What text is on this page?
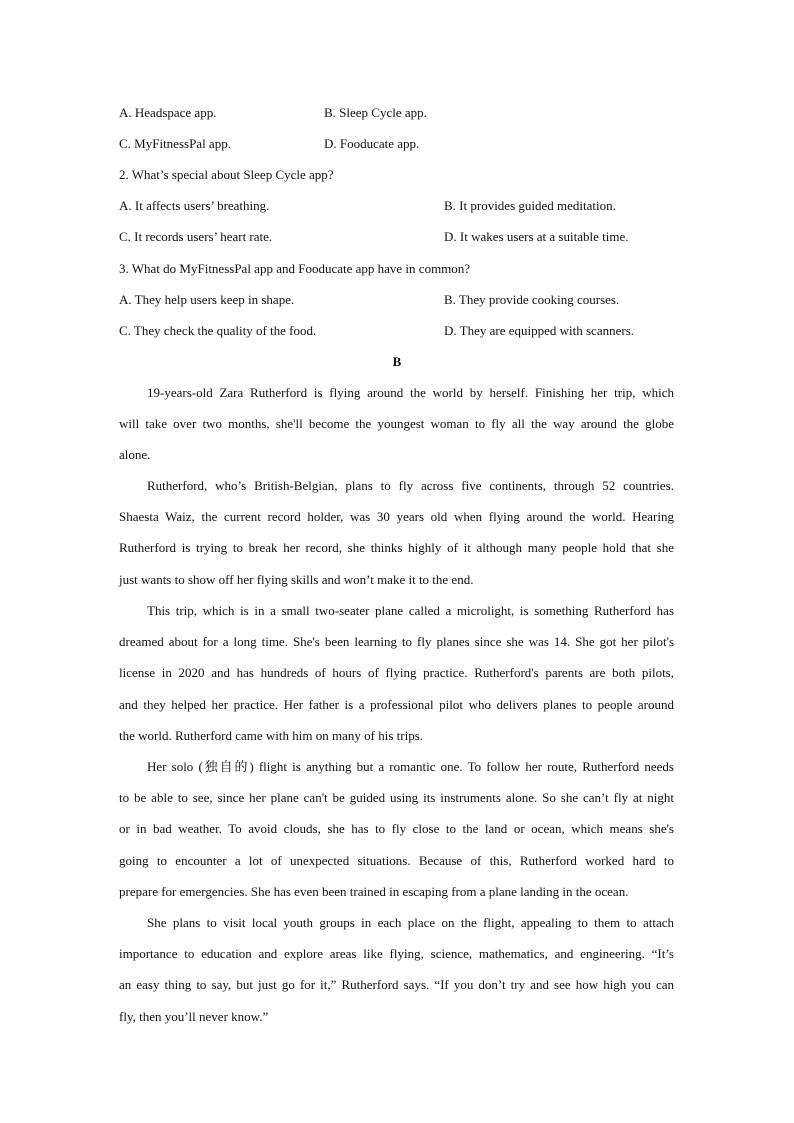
A. Headspace app.	B. Sleep Cycle app.
C. MyFitnessPal app.	D. Fooducate app.
2. What’s special about Sleep Cycle app?
A. It affects users’ breathing.	B. It provides guided meditation.
C. It records users’ heart rate.	D. It wakes users at a suitable time.
3. What do MyFitnessPal app and Fooducate app have in common?
A. They help users keep in shape.	B. They provide cooking courses.
C. They check the quality of the food.	D. They are equipped with scanners.
B
19-years-old Zara Rutherford is flying around the world by herself. Finishing her trip, which
will take over two months, she'll become the youngest woman to fly all the way around the globe
alone.
Rutherford, who’s British-Belgian, plans to fly across five continents, through 52 countries.
Shaesta Waiz, the current record holder, was 30 years old when flying around the world. Hearing
Rutherford is trying to break her record, she thinks highly of it although many people hold that she
just wants to show off her flying skills and won’t make it to the end.
This trip, which is in a small two-seater plane called a microlight, is something Rutherford has
dreamed about for a long time. She's been learning to fly planes since she was 14. She got her pilot's
license in 2020 and has hundreds of hours of flying practice. Rutherford's parents are both pilots,
and they helped her practice. Her father is a professional pilot who delivers planes to people around
the world. Rutherford came with him on many of his trips.
Her solo (独自的) flight is anything but a romantic one. To follow her route, Rutherford needs
to be able to see, since her plane can't be guided using its instruments alone. So she can’t fly at night
or in bad weather. To avoid clouds, she has to fly close to the land or ocean, which means she's
going to encounter a lot of unexpected situations. Because of this, Rutherford worked hard to
prepare for emergencies. She has even been trained in escaping from a plane landing in the ocean.
She plans to visit local youth groups in each place on the flight, appealing to them to attach
importance to education and explore areas like flying, science, mathematics, and engineering. “It’s
an easy thing to say, but just go for it,” Rutherford says. “If you don’t try and see how high you can
fly, then you’ll never know.”
